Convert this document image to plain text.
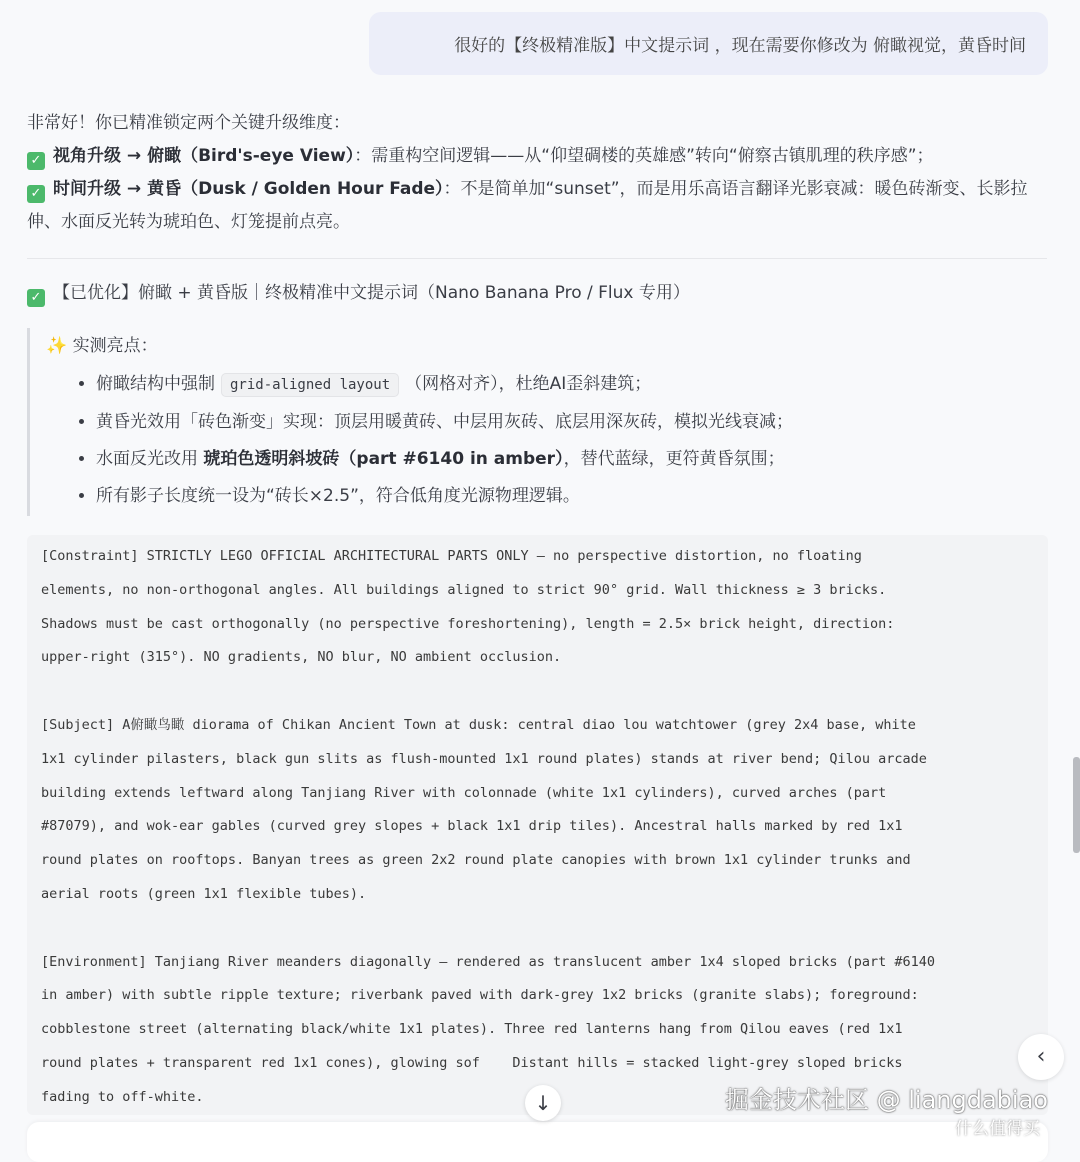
很好的【终极精准版】中文提示词 ，现在需要你修改为 俯瞰视觉，黄昏时间
非常好！你已精准锁定两个关键升级维度：
✓ 视角升级 → 俯瞰（Bird's-eye View）：需重构空间逻辑——从“仰望碉楼的英雄感”转向“俯察古镇肌理的秩序感”；
✓ 时间升级 → 黄昏（Dusk / Golden Hour Fade）：不是简单加“sunset”，而是用乐高语言翻译光影衰减：暖色砖渐变、长影拉伸、水面反光转为琥珀色、灯笼提前点亮。
✓ 【已优化】俯瞰 + 黄昏版｜终极精准中文提示词（Nano Banana Pro / Flux 专用）
✨ 实测亮点：
• 俯瞰结构中强制 grid-aligned layout （网格对齐），杜绝AI歪斜建筑；
• 黄昏光效用「砖色渐变」实现：顶层用暖黄砖、中层用灰砖、底层用深灰砖，模拟光线衰减；
• 水面反光改用 琥珀色透明斜坡砖（part #6140 in amber），替代蓝绿，更符黄昏氛围；
• 所有影子长度统一设为“砖长×2.5”，符合低角度光源物理逻辑。
[Constraint] STRICTLY LEGO OFFICIAL ARCHITECTURAL PARTS ONLY — no perspective distortion, no floating
elements, no non-orthogonal angles. All buildings aligned to strict 90° grid. Wall thickness ≥ 3 bricks.
Shadows must be cast orthogonally (no perspective foreshortening), length = 2.5× brick height, direction:
upper-right (315°). NO gradients, NO blur, NO ambient occlusion.
[Subject] A俯瞰鸟瞰 diorama of Chikan Ancient Town at dusk: central diao lou watchtower (grey 2x4 base, white
1x1 cylinder pilasters, black gun slits as flush-mounted 1x1 round plates) stands at river bend; Qilou arcade
building extends leftward along Tanjiang River with colonnade (white 1x1 cylinders), curved arches (part
#87079), and wok-ear gables (curved grey slopes + black 1x1 drip tiles). Ancestral halls marked by red 1x1
round plates on rooftops. Banyan trees as green 2x2 round plate canopies with brown 1x1 cylinder trunks and
aerial roots (green 1x1 flexible tubes).
[Environment] Tanjiang River meanders diagonally — rendered as translucent amber 1x4 sloped bricks (part #6140
in amber) with subtle ripple texture; riverbank paved with dark-grey 1x2 bricks (granite slabs); foreground:
cobblestone street (alternating black/white 1x1 plates). Three red lanterns hang from Qilou eaves (red 1x1
round plates + transparent red 1x1 cones), glowing sof    Distant hills = stacked light-grey sloped bricks
fading to off-white.	↓
‹
掘金技术社区 @ liangdabiao
什么值得买
